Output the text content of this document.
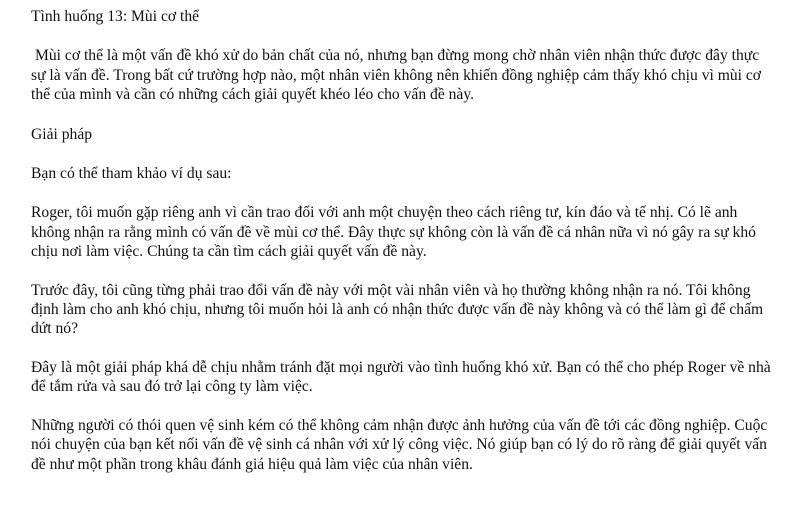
Tình huống 13: Mùi cơ thể

Mùi cơ thể là một vấn đề khó xử do bản chất của nó, nhưng bạn đừng mong chờ nhân viên nhận thức được đây thực sự là vấn đề. Trong bất cứ trường hợp nào, một nhân viên không nên khiến đồng nghiệp cảm thấy khó chịu vì mùi cơ thể của mình và cần có những cách giải quyết khéo léo cho vấn đề này.

Giải pháp

Bạn có thể tham khảo ví dụ sau:

Roger, tôi muốn gặp riêng anh vì cần trao đổi với anh một chuyện theo cách riêng tư, kín đáo và tế nhị. Có lẽ anh không nhận ra rằng mình có vấn đề về mùi cơ thể. Đây thực sự không còn là vấn đề cá nhân nữa vì nó gây ra sự khó chịu nơi làm việc. Chúng ta cần tìm cách giải quyết vấn đề này.

Trước đây, tôi cũng từng phải trao đổi vấn đề này với một vài nhân viên và họ thường không nhận ra nó. Tôi không định làm cho anh khó chịu, nhưng tôi muốn hỏi là anh có nhận thức được vấn đề này không và có thể làm gì để chấm dứt nó?

Đây là một giải pháp khá dễ chịu nhằm tránh đặt mọi người vào tình huống khó xử. Bạn có thể cho phép Roger về nhà để tắm rửa và sau đó trở lại công ty làm việc.

Những người có thói quen vệ sinh kém có thể không cảm nhận được ảnh hưởng của vấn đề tới các đồng nghiệp. Cuộc nói chuyện của bạn kết nối vấn đề vệ sinh cá nhân với xử lý công việc. Nó giúp bạn có lý do rõ ràng để giải quyết vấn đề như một phần trong khâu đánh giá hiệu quả làm việc của nhân viên.
